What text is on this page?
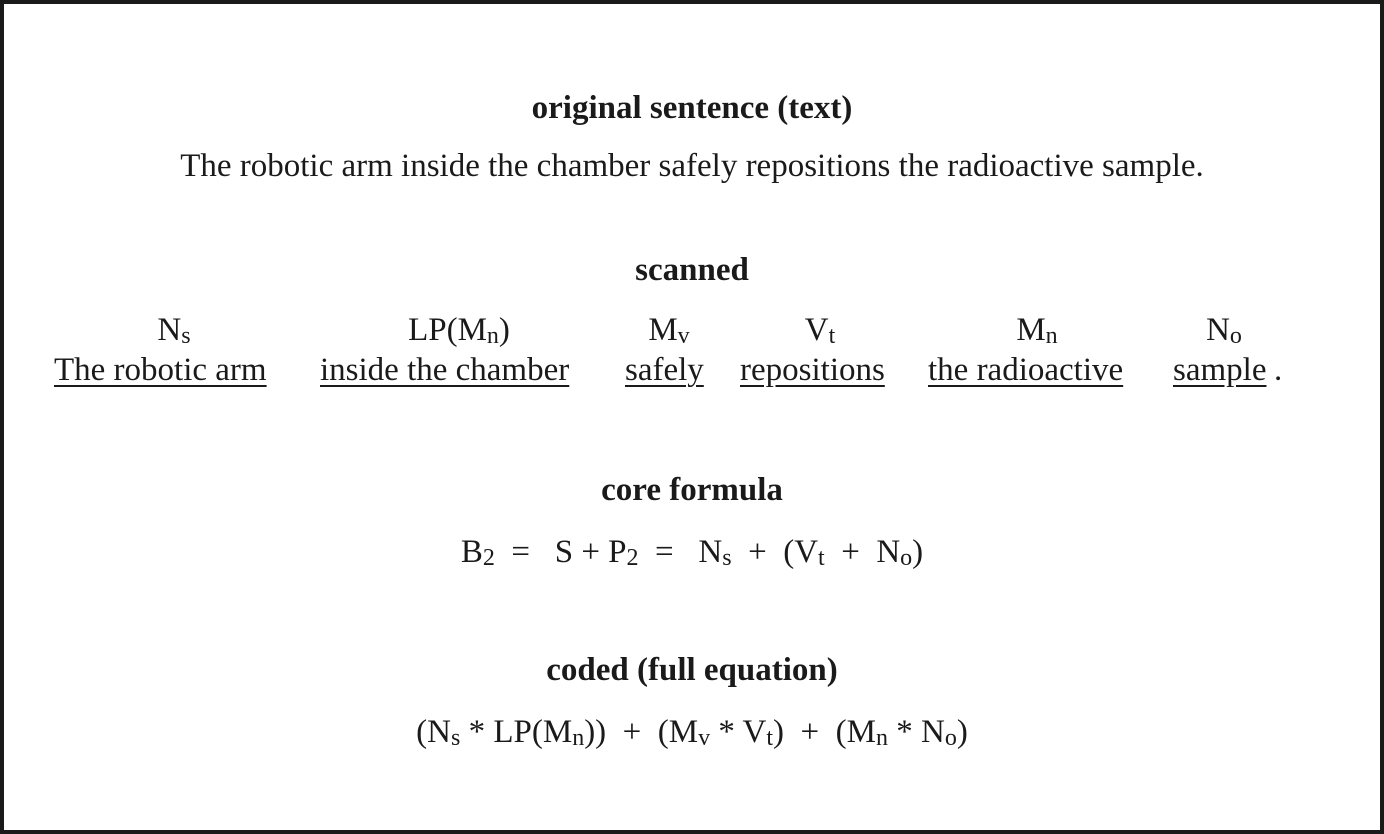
original sentence (text)
The robotic arm inside the chamber safely repositions the radioactive sample.
scanned
Ns
The robotic arm
LP(Mn)
inside the chamber
Mv
safely
Vt
repositions
Mn
the radioactive
No
sample .
core formula
B2  =   S + P2  =   Ns  +  (Vt  +  No)
coded (full equation)
(Ns * LP(Mn))  +  (Mv * Vt)  +  (Mn * No)
